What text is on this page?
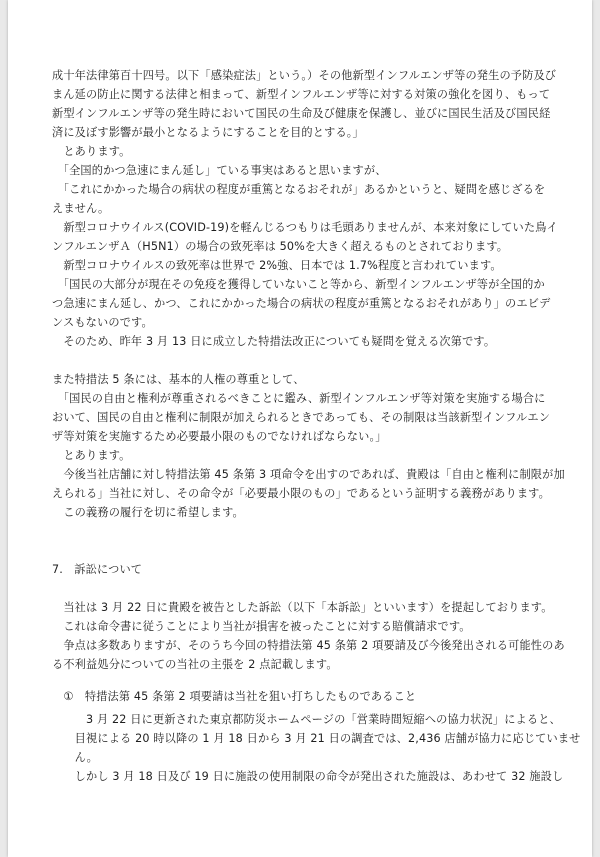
成十年法律第百十四号。以下「感染症法」という。）その他新型インフルエンザ等の発生の予防及び
まん延の防止に関する法律と相まって、新型インフルエンザ等に対する対策の強化を図り、もって
新型インフルエンザ等の発生時において国民の生命及び健康を保護し、並びに国民生活及び国民経
済に及ぼす影響が最小となるようにすることを目的とする。」
　とあります。
　「全国的かつ急速にまん延し」ている事実はあると思いますが、
　「これにかかった場合の病状の程度が重篤となるおそれが」あるかというと、疑問を感じざるを
えません。
　新型コロナウイルス(COVID-19)を軽んじるつもりは毛頭ありませんが、本来対象にしていた鳥イ
ンフルエンザＡ（H5N1）の場合の致死率は 50%を大きく超えるものとされております。
　新型コロナウイルスの致死率は世界で 2%強、日本では 1.7%程度と言われています。
　「国民の大部分が現在その免疫を獲得していないこと等から、新型インフルエンザ等が全国的か
つ急速にまん延し、かつ、これにかかった場合の病状の程度が重篤となるおそれがあり」のエビデ
ンスもないのです。
　そのため、昨年 3 月 13 日に成立した特措法改正についても疑問を覚える次第です。
また特措法 5 条には、基本的人権の尊重として、
　「国民の自由と権利が尊重されるべきことに鑑み、新型インフルエンザ等対策を実施する場合に
おいて、国民の自由と権利に制限が加えられるときであっても、その制限は当該新型インフルエン
ザ等対策を実施するため必要最小限のものでなければならない。」
　とあります。
　今後当社店舗に対し特措法第 45 条第 3 項命令を出すのであれば、貴殿は「自由と権利に制限が加
えられる」当社に対し、その命令が「必要最小限のもの」であるという証明する義務があります。
　この義務の履行を切に希望します。
7.　訴訟について
　当社は 3 月 22 日に貴殿を被告とした訴訟（以下「本訴訟」といいます）を提起しております。
　これは命令書に従うことにより当社が損害を被ったことに対する賠償請求です。
　争点は多数ありますが、そのうち今回の特措法第 45 条第 2 項要請及び今後発出される可能性のあ
る不利益処分についての当社の主張を 2 点記載します。
　①　特措法第 45 条第 2 項要請は当社を狙い打ちしたものであること
　　　3 月 22 日に更新された東京都防災ホームページの「営業時間短縮への協力状況」によると、
　　目視による 20 時以降の 1 月 18 日から 3 月 21 日の調査では、2,436 店舗が協力に応じていませ
　　ん。
　　しかし 3 月 18 日及び 19 日に施設の使用制限の命令が発出された施設は、あわせて 32 施設し
